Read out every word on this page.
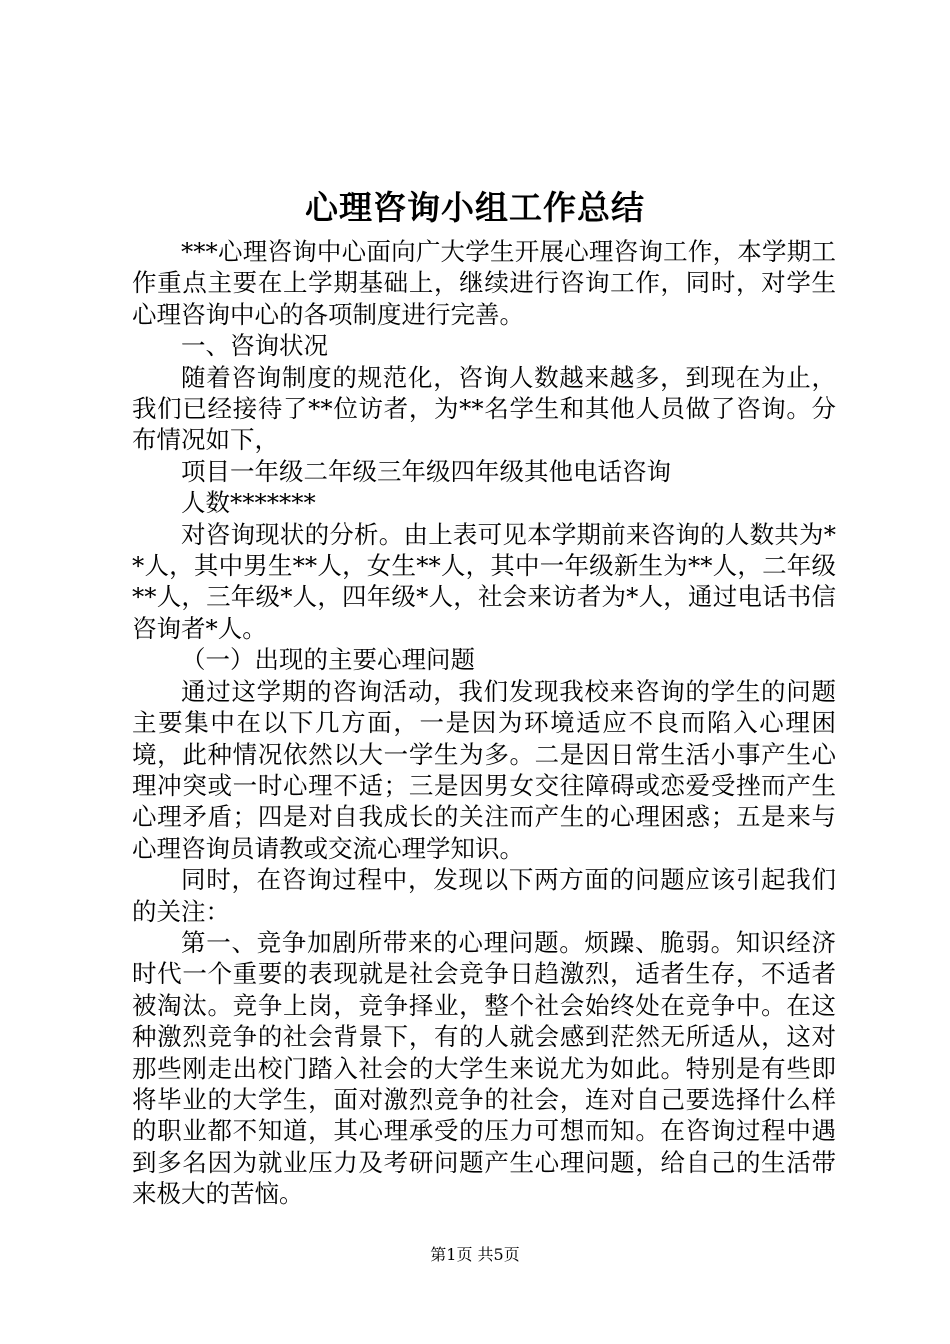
心理咨询小组工作总结

***心理咨询中心面向广大学生开展心理咨询工作，本学期工作重点主要在上学期基础上，继续进行咨询工作，同时，对学生心理咨询中心的各项制度进行完善。

一、咨询状况

随着咨询制度的规范化，咨询人数越来越多，到现在为止，我们已经接待了**位访者，为**名学生和其他人员做了咨询。分布情况如下，

项目一年级二年级三年级四年级其他电话咨询

人数*******

对咨询现状的分析。由上表可见本学期前来咨询的人数共为**人，其中男生**人，女生**人，其中一年级新生为**人，二年级**人，三年级*人，四年级*人，社会来访者为*人，通过电话书信咨询者*人。

（一）出现的主要心理问题

通过这学期的咨询活动，我们发现我校来咨询的学生的问题主要集中在以下几方面，一是因为环境适应不良而陷入心理困境，此种情况依然以大一学生为多。二是因日常生活小事产生心理冲突或一时心理不适；三是因男女交往障碍或恋爱受挫而产生心理矛盾；四是对自我成长的关注而产生的心理困惑；五是来与心理咨询员请教或交流心理学知识。

同时，在咨询过程中，发现以下两方面的问题应该引起我们的关注：

第一、竞争加剧所带来的心理问题。烦躁、脆弱。知识经济时代一个重要的表现就是社会竞争日趋激烈，适者生存，不适者被淘汰。竞争上岗，竞争择业，整个社会始终处在竞争中。在这种激烈竞争的社会背景下，有的人就会感到茫然无所适从，这对那些刚走出校门踏入社会的大学生来说尤为如此。特别是有些即将毕业的大学生，面对激烈竞争的社会，连对自己要选择什么样的职业都不知道，其心理承受的压力可想而知。在咨询过程中遇到多名因为就业压力及考研问题产生心理问题，给自己的生活带来极大的苦恼。

第1页 共5页
